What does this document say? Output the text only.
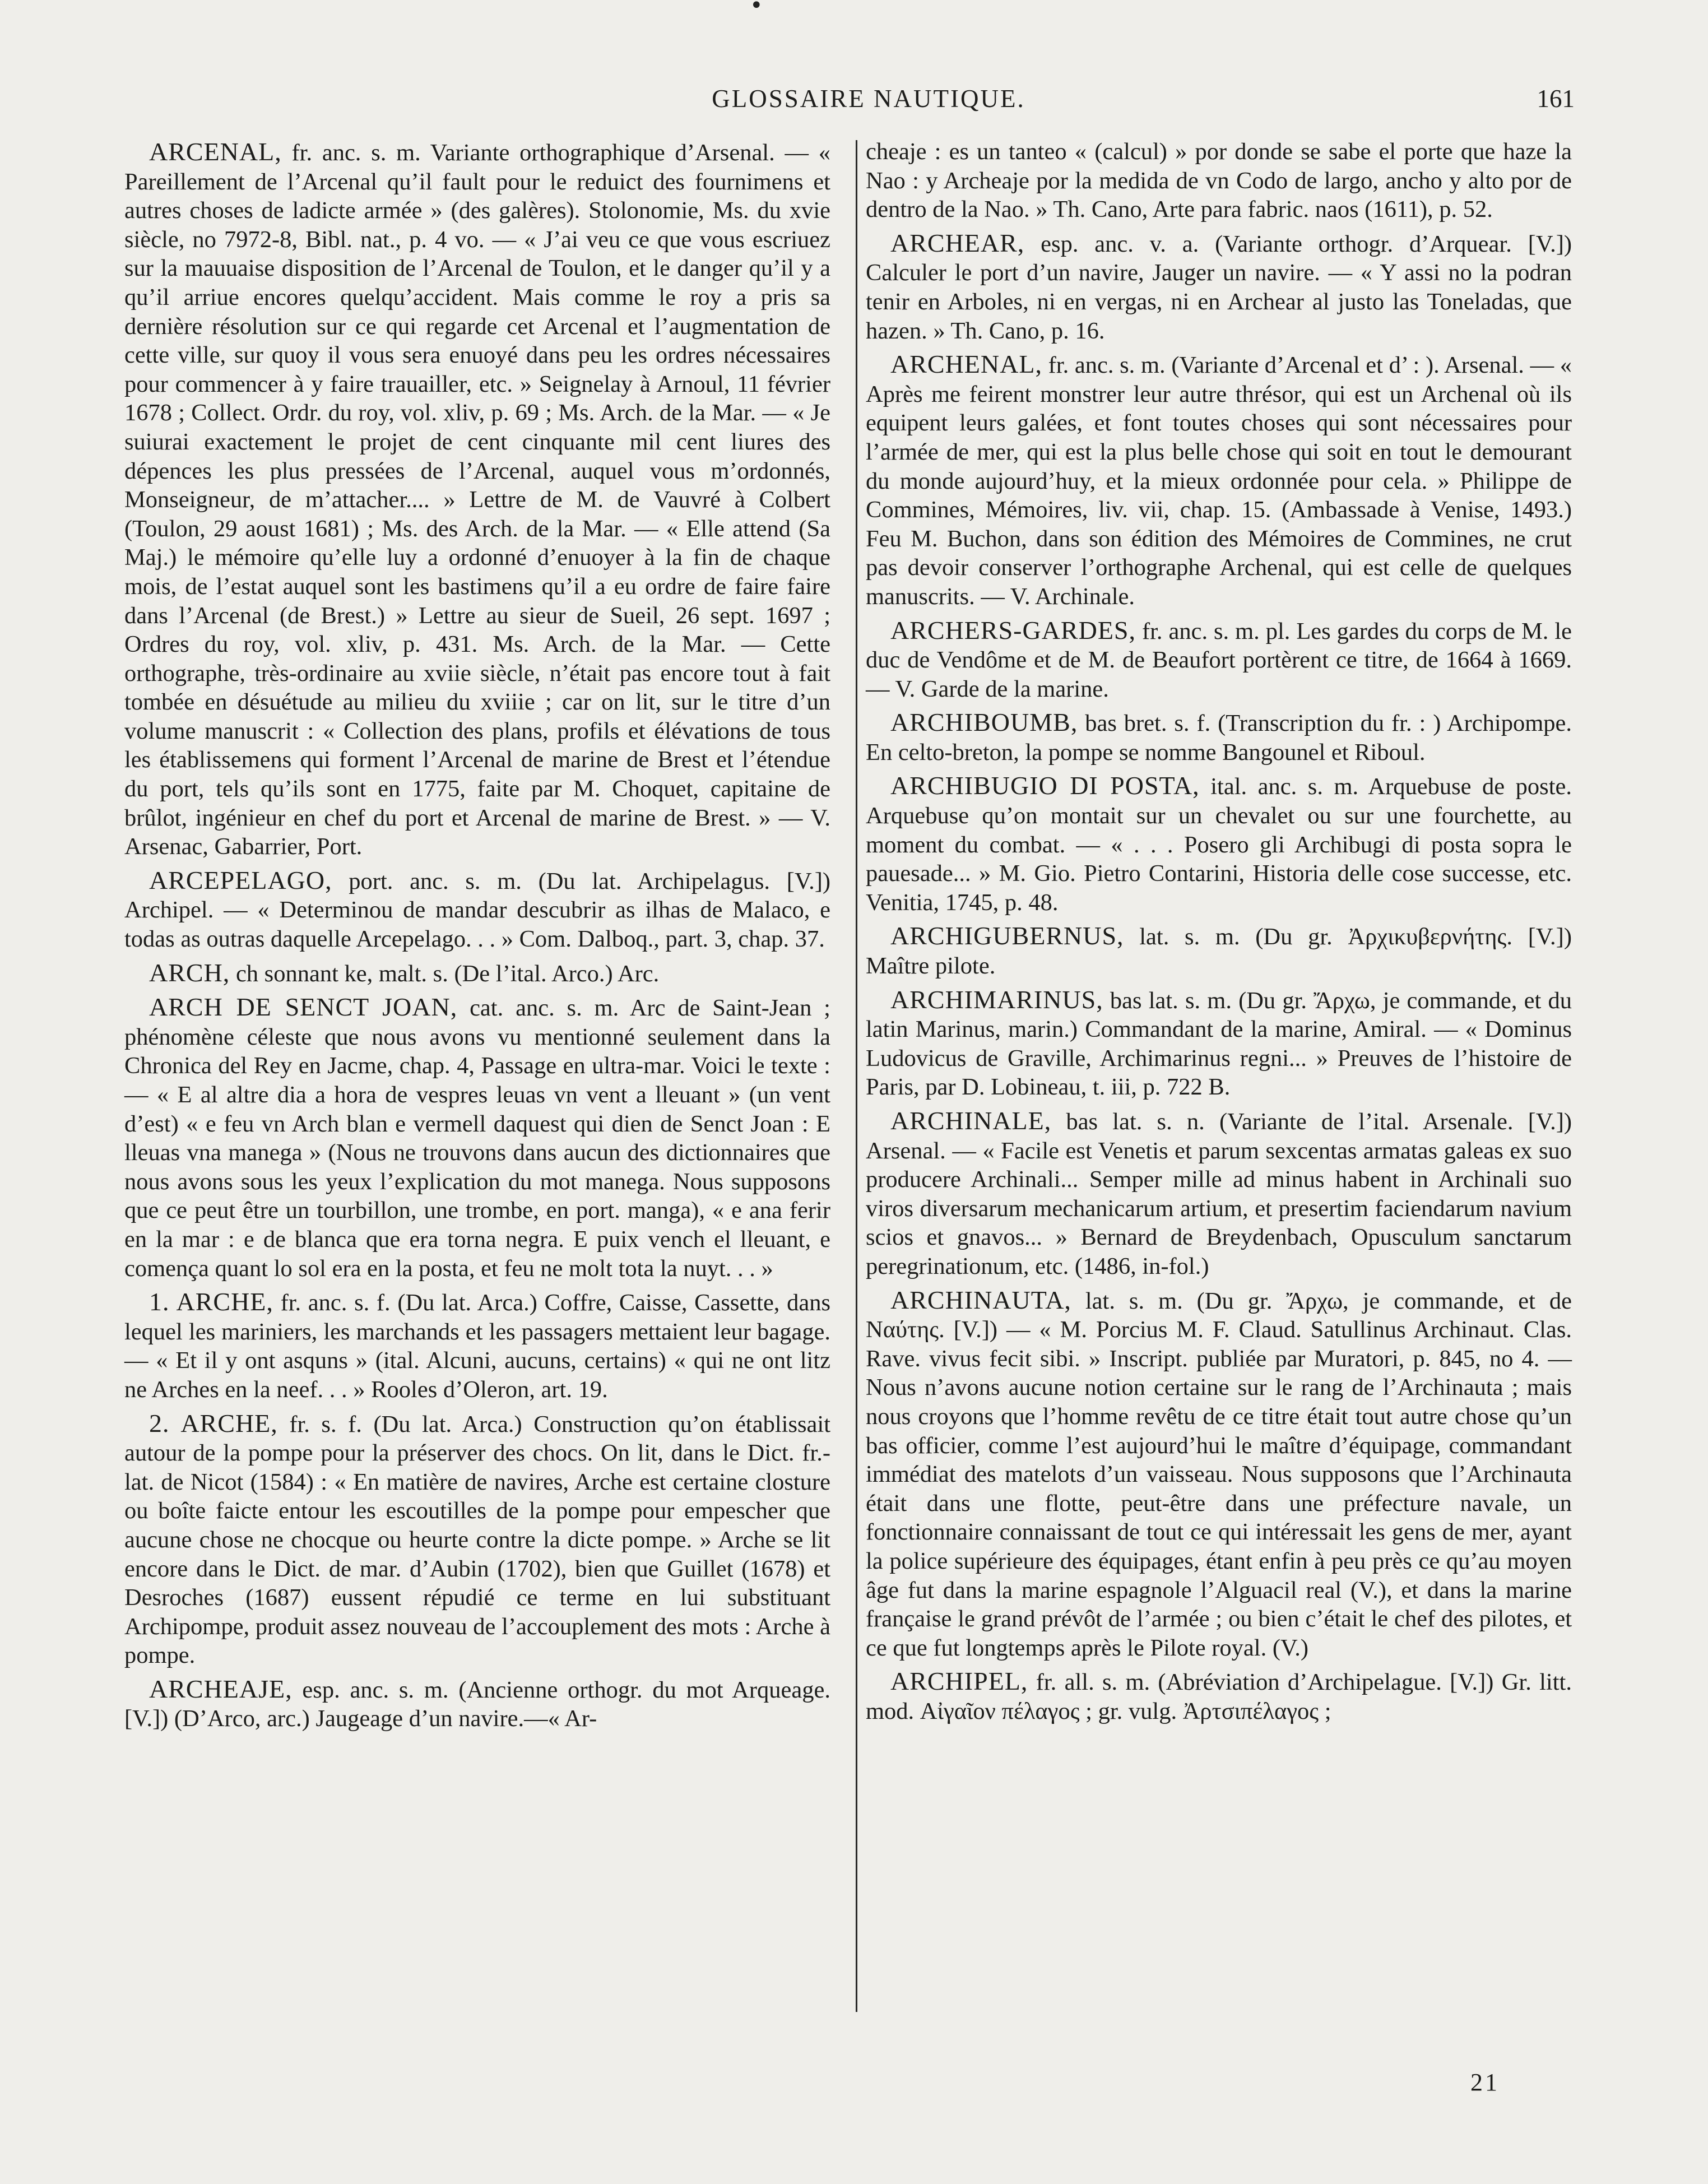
•
GLOSSAIRE NAUTIQUE.	161

ARCENAL, fr. anc. s. m. Variante orthographique d’Arsenal. — « Pareillement de l’Arcenal qu’il fault pour le reduict des fournimens et autres choses de ladicte armée » (des galères). Stolonomie, Ms. du xvie siècle, no 7972-8, Bibl. nat., p. 4 vo. — « J’ai veu ce que vous escriuez sur la mauuaise disposition de l’Arcenal de Toulon, et le danger qu’il y a qu’il arriue encores quelqu’accident. Mais comme le roy a pris sa dernière résolution sur ce qui regarde cet Arcenal et l’augmentation de cette ville, sur quoy il vous sera enuoyé dans peu les ordres nécessaires pour commencer à y faire trauailler, etc. » Seignelay à Arnoul, 11 février 1678 ; Collect. Ordr. du roy, vol. xliv, p. 69 ; Ms. Arch. de la Mar. — « Je suiurai exactement le projet de cent cinquante mil cent liures des dépences les plus pressées de l’Arcenal, auquel vous m’ordonnés, Monseigneur, de m’attacher.... » Lettre de M. de Vauvré à Colbert (Toulon, 29 aoust 1681) ; Ms. des Arch. de la Mar. — « Elle attend (Sa Maj.) le mémoire qu’elle luy a ordonné d’enuoyer à la fin de chaque mois, de l’estat auquel sont les bastimens qu’il a eu ordre de faire faire dans l’Arcenal (de Brest.) » Lettre au sieur de Sueil, 26 sept. 1697 ; Ordres du roy, vol. xliv, p. 431. Ms. Arch. de la Mar. — Cette orthographe, très-ordinaire au xviie siècle, n’était pas encore tout à fait tombée en désuétude au milieu du xviiie ; car on lit, sur le titre d’un volume manuscrit : « Collection des plans, profils et élévations de tous les établissemens qui forment l’Arcenal de marine de Brest et l’étendue du port, tels qu’ils sont en 1775, faite par M. Choquet, capitaine de brûlot, ingénieur en chef du port et Arcenal de marine de Brest. » — V. Arsenac, Gabarrier, Port.

ARCEPELAGO, port. anc. s. m. (Du lat. Archipelagus. [V.]) Archipel. — « Determinou de mandar descubrir as ilhas de Malaco, e todas as outras daquelle Arcepelago. . . » Com. Dalboq., part. 3, chap. 37.

ARCH, ch sonnant ke, malt. s. (De l’ital. Arco.) Arc.

ARCH DE SENCT JOAN, cat. anc. s. m. Arc de Saint-Jean ; phénomène céleste que nous avons vu mentionné seulement dans la Chronica del Rey en Jacme, chap. 4, Passage en ultra-mar. Voici le texte : — « E al altre dia a hora de vespres leuas vn vent a lleuant » (un vent d’est) « e feu vn Arch blan e vermell daquest qui dien de Senct Joan : E lleuas vna manega » (Nous ne trouvons dans aucun des dictionnaires que nous avons sous les yeux l’explication du mot manega. Nous supposons que ce peut être un tourbillon, une trombe, en port. manga), « e ana ferir en la mar : e de blanca que era torna negra. E puix vench el lleuant, e començа quant lo sol era en la posta, et feu ne molt tota la nuyt. . . »

1. ARCHE, fr. anc. s. f. (Du lat. Arca.) Coffre, Caisse, Cassette, dans lequel les mariniers, les marchands et les passagers mettaient leur bagage. — « Et il y ont asquns » (ital. Alcuni, aucuns, certains) « qui ne ont litz ne Arches en la neef. . . » Rooles d’Oleron, art. 19.

2. ARCHE, fr. s. f. (Du lat. Arca.) Construction qu’on établissait autour de la pompe pour la préserver des chocs. On lit, dans le Dict. fr.-lat. de Nicot (1584) : « En matière de navires, Arche est certaine closture ou boîte faicte entour les escoutilles de la pompe pour empescher que aucune chose ne chocque ou heurte contre la dicte pompe. » Arche se lit encore dans le Dict. de mar. d’Aubin (1702), bien que Guillet (1678) et Desroches (1687) eussent répudié ce terme en lui substituant Archipompe, produit assez nouveau de l’accouplement des mots : Arche à pompe.

ARCHEAJE, esp. anc. s. m. (Ancienne orthogr. du mot Arqueage. [V.]) (D’Arco, arc.) Jaugeage d’un navire.—« Ar-

cheaje : es un tanteo « (calcul) » por donde se sabe el porte que haze la Nao : y Archeaje por la medida de vn Codo de largo, ancho y alto por de dentro de la Nao. » Th. Cano, Arte para fabric. naos (1611), p. 52.

ARCHEAR, esp. anc. v. a. (Variante orthogr. d’Arquear. [V.]) Calculer le port d’un navire, Jauger un navire. — « Y assi no la podran tenir en Arboles, ni en vergas, ni en Archear al justo las Toneladas, que hazen. » Th. Cano, p. 16.

ARCHENAL, fr. anc. s. m. (Variante d’Arcenal et d’ : ). Arsenal. — « Après me feirent monstrer leur autre thrésor, qui est un Archenal où ils equipent leurs galées, et font toutes choses qui sont nécessaires pour l’armée de mer, qui est la plus belle chose qui soit en tout le demourant du monde aujourd’huy, et la mieux ordonnée pour cela. » Philippe de Commines, Mémoires, liv. vii, chap. 15. (Ambassade à Venise, 1493.) Feu M. Buchon, dans son édition des Mémoires de Commines, ne crut pas devoir conserver l’orthographe Archenal, qui est celle de quelques manuscrits. — V. Archinale.

ARCHERS-GARDES, fr. anc. s. m. pl. Les gardes du corps de M. le duc de Vendôme et de M. de Beaufort portèrent ce titre, de 1664 à 1669. — V. Garde de la marine.

ARCHIBOUMB, bas bret. s. f. (Transcription du fr. : ) Archipompe. En celto-breton, la pompe se nomme Bangounel et Riboul.

ARCHIBUGIO DI POSTA, ital. anc. s. m. Arquebuse de poste. Arquebuse qu’on montait sur un chevalet ou sur une fourchette, au moment du combat. — « . . . Posero gli Archibugi di posta sopra le pauesade... » M. Gio. Pietro Contarini, Historia delle cose successe, etc. Venitia, 1745, p. 48.

ARCHIGUBERNUS, lat. s. m. (Du gr. Ἀρχικυβερνήτης. [V.]) Maître pilote.

ARCHIMARINUS, bas lat. s. m. (Du gr. Ἄρχω, je commande, et du latin Marinus, marin.) Commandant de la marine, Amiral. — « Dominus Ludovicus de Graville, Archimarinus regni... » Preuves de l’histoire de Paris, par D. Lobineau, t. iii, p. 722 B.

ARCHINALE, bas lat. s. n. (Variante de l’ital. Arsenale. [V.]) Arsenal. — « Facile est Venetis et parum sexcentas armatas galeas ex suo producere Archinali... Semper mille ad minus habent in Archinali suo viros diversarum mechanicarum artium, et presertim faciendarum navium scios et gnavos... » Bernard de Breydenbach, Opusculum sanctarum peregrinationum, etc. (1486, in-fol.)

ARCHINAUTA, lat. s. m. (Du gr. Ἄρχω, je commande, et de Ναύτης. [V.]) — « M. Porcius M. F. Claud. Satullinus Archinaut. Clas. Rave. vivus fecit sibi. » Inscript. publiée par Muratori, p. 845, no 4. — Nous n’avons aucune notion certaine sur le rang de l’Archinauta ; mais nous croyons que l’homme revêtu de ce titre était tout autre chose qu’un bas officier, comme l’est aujourd’hui le maître d’équipage, commandant immédiat des matelots d’un vaisseau. Nous supposons que l’Archinauta était dans une flotte, peut-être dans une préfecture navale, un fonctionnaire connaissant de tout ce qui intéressait les gens de mer, ayant la police supérieure des équipages, étant enfin à peu près ce qu’au moyen âge fut dans la marine espagnole l’Alguacil real (V.), et dans la marine française le grand prévôt de l’armée ; ou bien c’était le chef des pilotes, et ce que fut longtemps après le Pilote royal. (V.)

ARCHIPEL, fr. all. s. m. (Abréviation d’Archipelague. [V.]) Gr. litt. mod. Αἰγαῖον πέλαγος ; gr. vulg. Ἀρτσιπέλαγος ;

21
